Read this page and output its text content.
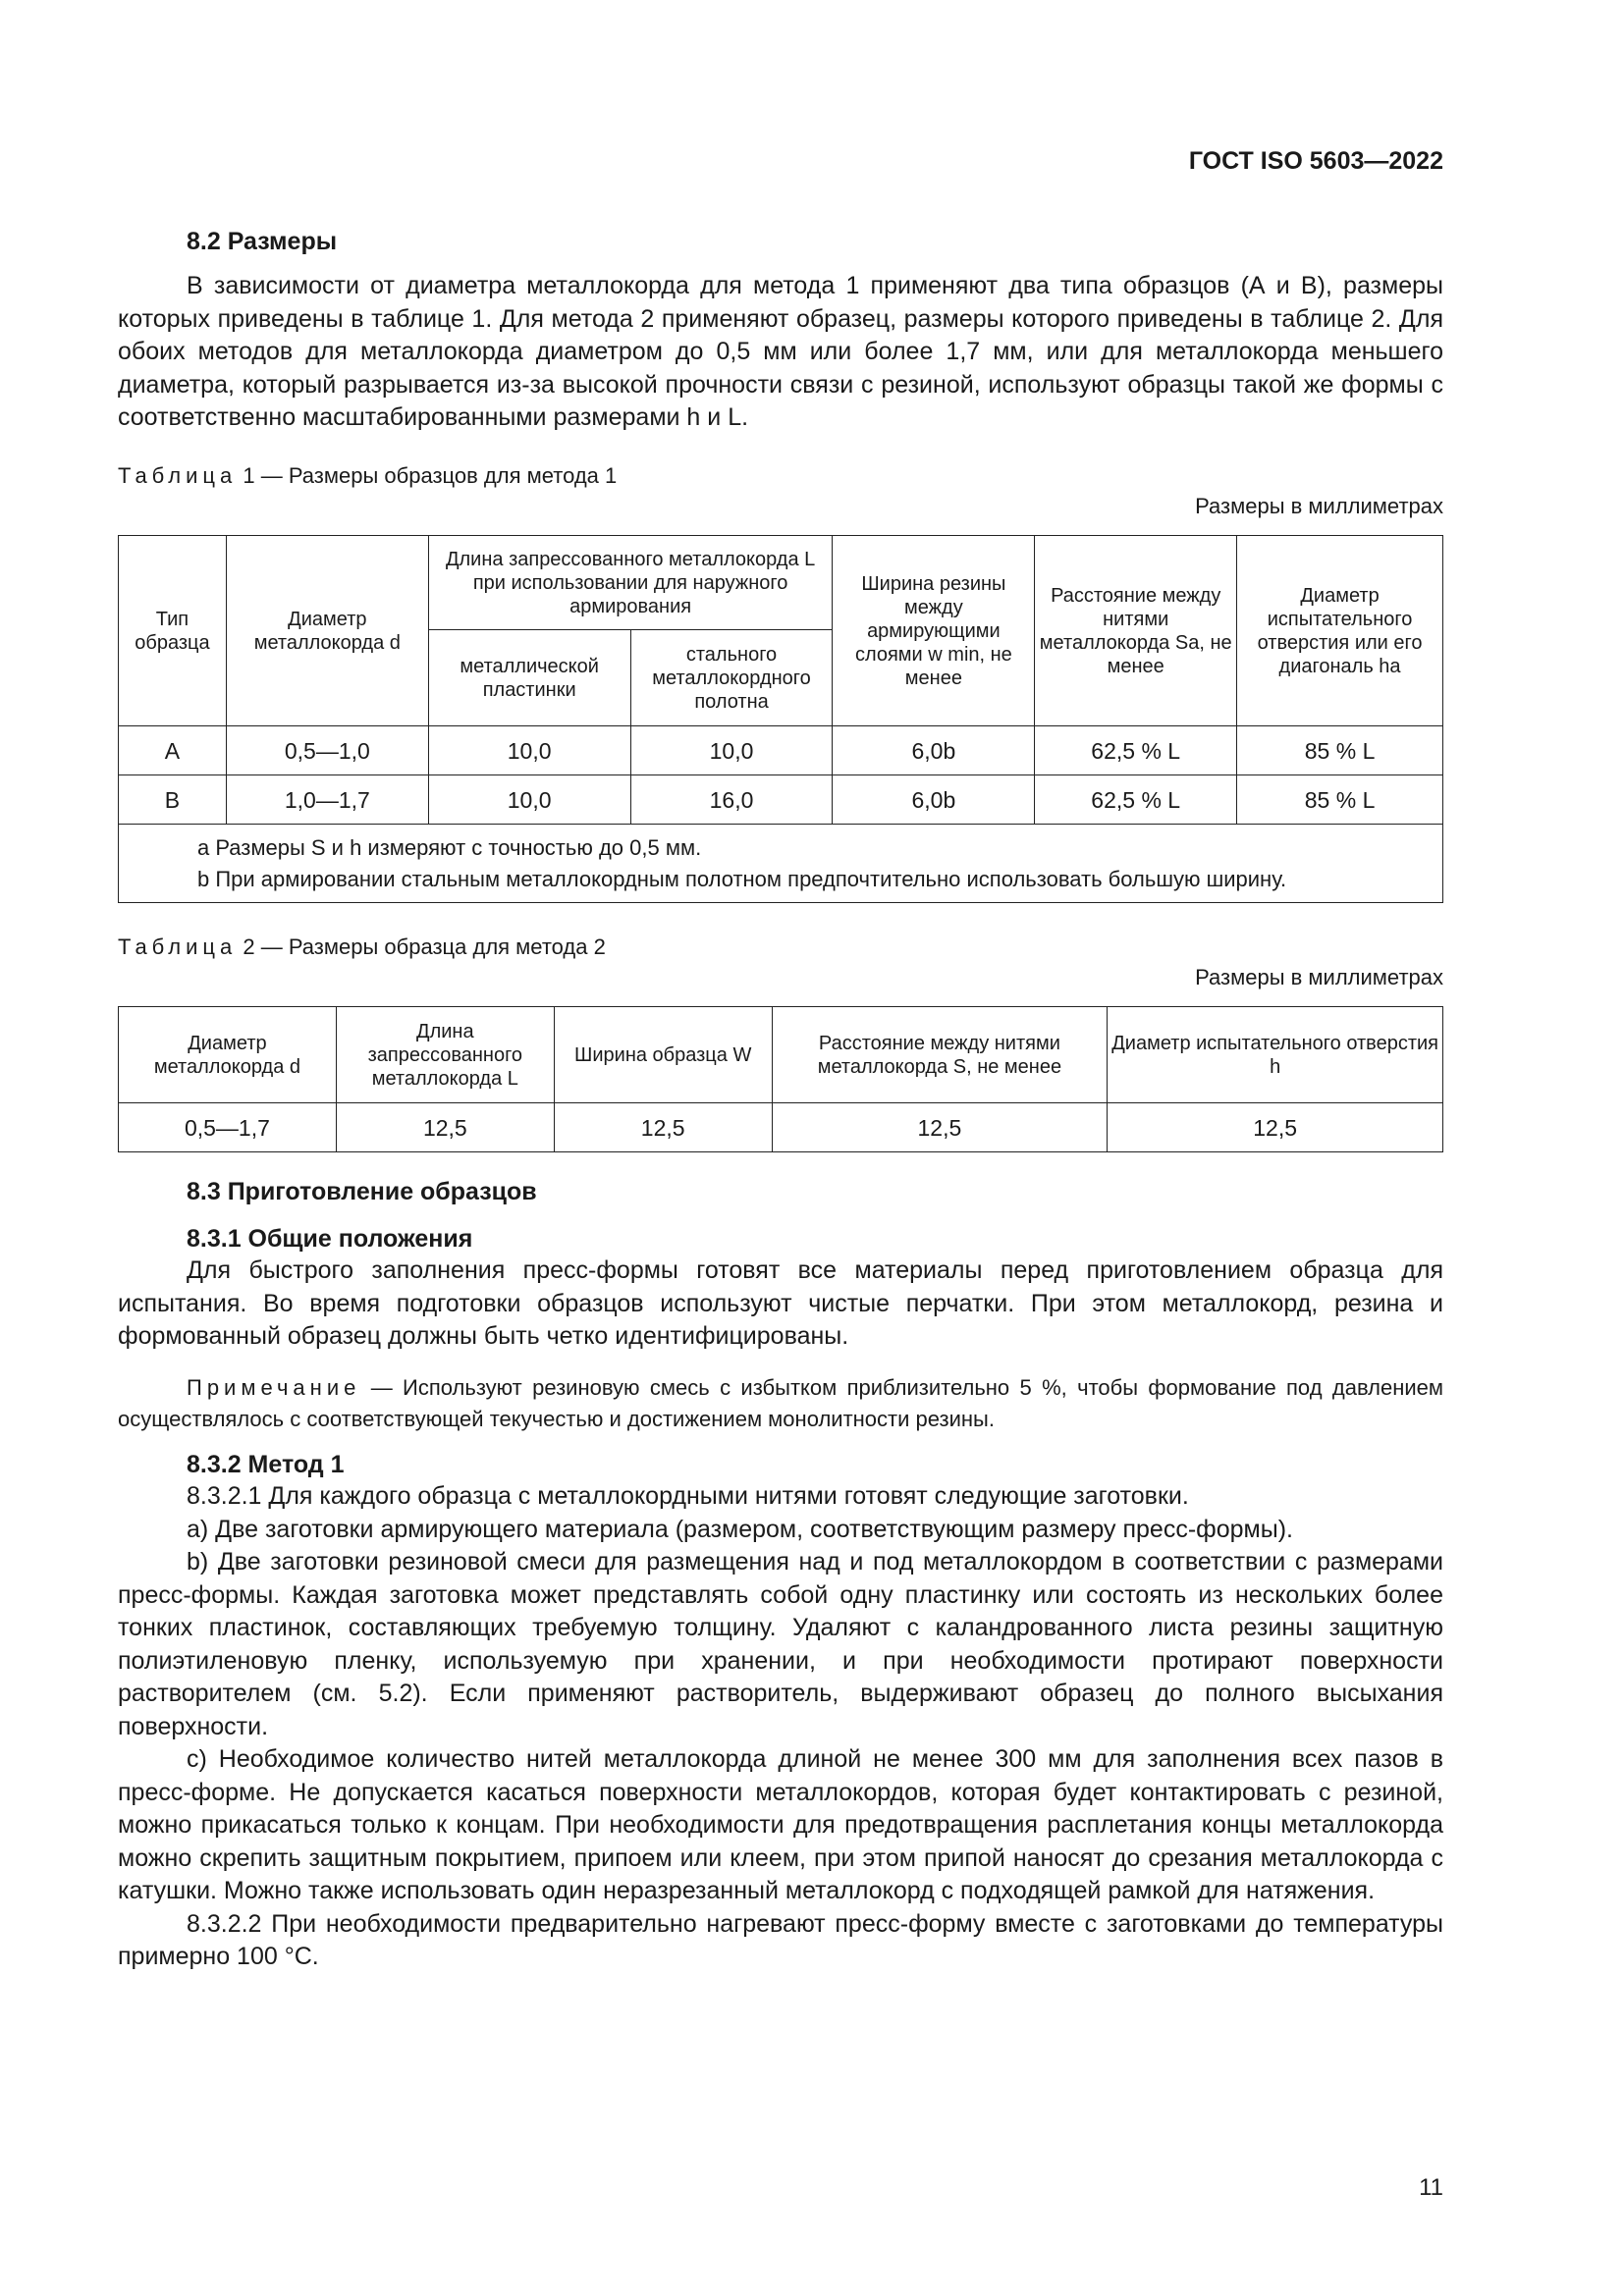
ГОСТ ISO 5603—2022
8.2 Размеры

В зависимости от диаметра металлокорда для метода 1 применяют два типа образцов (А и В), размеры которых приведены в таблице 1. Для метода 2 применяют образец, размеры которого приведены в таблице 2. Для обоих методов для металлокорда диаметром до 0,5 мм или более 1,7 мм, или для металлокорда меньшего диаметра, который разрывается из-за высокой прочности связи с резиной, используют образцы такой же формы с соответственно масштабированными размерами h и L.

Таблица 1 — Размеры образцов для метода 1
Размеры в миллиметрах
Тип образца	Диаметр металлокорда d	Длина запрессованного металлокорда L при использовании для наружного армирования		Ширина резины между армирующими слоями w min, не менее	Расстояние между нитями металлокорда Sa, не менее	Диаметр испытательного отверстия или его диагональ ha
		металлической пластинки	стального металлокордного полотна			
А	0,5—1,0	10,0	10,0	6,0b	62,5 % L	85 % L
В	1,0—1,7	10,0	16,0	6,0b	62,5 % L	85 % L

a Размеры S и h измеряют с точностью до 0,5 мм.
b При армировании стальным металлокордным полотном предпочтительно использовать большую ширину.						
Таблица 2 — Размеры образца для метода 2
Размеры в миллиметрах
Диаметр металлокорда d	Длина запрессованного металлокорда L	Ширина образца W	Расстояние между нитями металлокорда S, не менее	Диаметр испытательного отверстия h
0,5—1,7	12,5	12,5	12,5	12,5
8.3 Приготовление образцов
8.3.1 Общие положения

Для быстрого заполнения пресс-формы готовят все материалы перед приготовлением образца для испытания. Во время подготовки образцов используют чистые перчатки. При этом металлокорд, резина и формованный образец должны быть четко идентифицированы.

Примечание — Используют резиновую смесь с избытком приблизительно 5 %, чтобы формование под давлением осуществлялось с соответствующей текучестью и достижением монолитности резины.

8.3.2 Метод 1

8.3.2.1 Для каждого образца с металлокордными нитями готовят следующие заготовки.

а) Две заготовки армирующего материала (размером, соответствующим размеру пресс-формы).

b) Две заготовки резиновой смеси для размещения над и под металлокордом в соответствии с размерами пресс-формы. Каждая заготовка может представлять собой одну пластинку или состоять из нескольких более тонких пластинок, составляющих требуемую толщину. Удаляют с каландрованного листа резины защитную полиэтиленовую пленку, используемую при хранении, и при необходимости протирают поверхности растворителем (см. 5.2). Если применяют растворитель, выдерживают образец до полного высыхания поверхности.

с) Необходимое количество нитей металлокорда длиной не менее 300 мм для заполнения всех пазов в пресс-форме. Не допускается касаться поверхности металлокордов, которая будет контактировать с резиной, можно прикасаться только к концам. При необходимости для предотвращения расплетания концы металлокорда можно скрепить защитным покрытием, припоем или клеем, при этом припой наносят до срезания металлокорда с катушки. Можно также использовать один неразрезанный металлокорд с подходящей рамкой для натяжения.

8.3.2.2 При необходимости предварительно нагревают пресс-форму вместе с заготовками до температуры примерно 100 °С.

11
